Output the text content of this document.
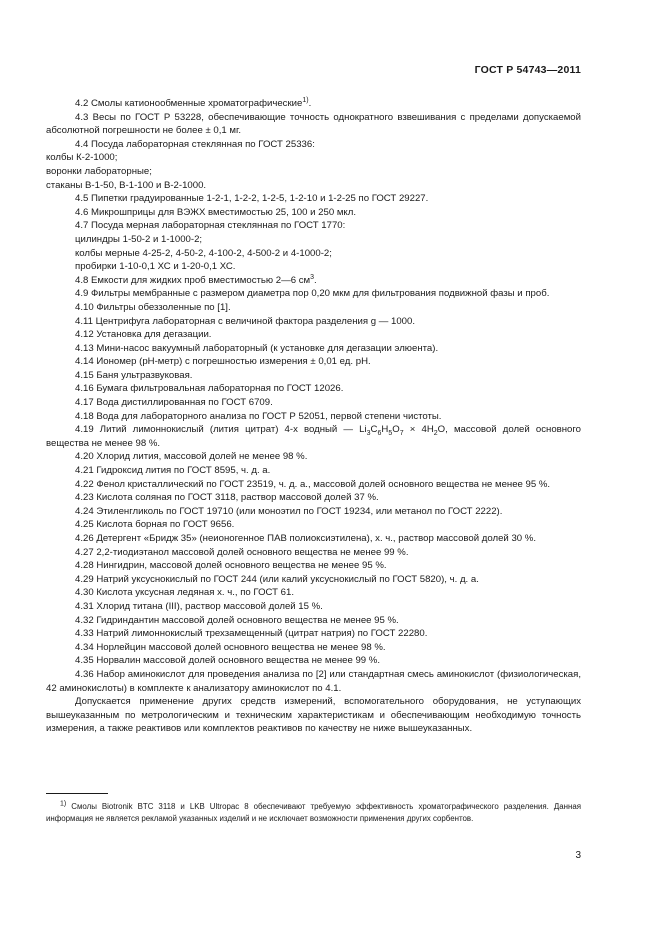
ГОСТ Р 54743—2011

4.2 Смолы катионообменные хроматографические$^{1)}$.

4.3 Весы по ГОСТ Р 53228, обеспечивающие точность однократного взвешивания с пределами допускаемой абсолютной погрешности не более ± 0,1 мг.

4.4 Посуда лабораторная стеклянная по ГОСТ 25336:

колбы К-2-1000;

воронки лабораторные;

стаканы В-1-50, В-1-100 и В-2-1000.

4.5 Пипетки градуированные 1-2-1, 1-2-2, 1-2-5, 1-2-10 и 1-2-25 по ГОСТ 29227.

4.6 Микрошприцы для ВЭЖХ вместимостью 25, 100 и 250 мкл.

4.7 Посуда мерная лабораторная стеклянная по ГОСТ 1770:

цилиндры 1-50-2 и 1-1000-2;

колбы мерные 4-25-2, 4-50-2, 4-100-2, 4-500-2 и 4-1000-2;

пробирки 1-10-0,1 ХС и 1-20-0,1 ХС.

4.8 Емкости для жидких проб вместимостью 2—6 $см^3$.

4.9 Фильтры мембранные с размером диаметра пор 0,20 мкм для фильтрования подвижной фазы и проб.

4.10 Фильтры обеззоленные по [1].

4.11 Центрифуга лабораторная с величиной фактора разделения g — 1000.

4.12 Установка для дегазации.

4.13 Мини-насос вакуумный лабораторный (к установке для дегазации элюента).

4.14 Иономер (рН-метр) с погрешностью измерения ± 0,01 ед. рН.

4.15 Баня ультразвуковая.

4.16 Бумага фильтровальная лабораторная по ГОСТ 12026.

4.17 Вода дистиллированная по ГОСТ 6709.

4.18 Вода для лабораторного анализа по ГОСТ Р 52051, первой степени чистоты.

4.19 Литий лимоннокислый (лития цитрат) 4-х водный — $Li_3C_6H_5O_7 \times 4H_2O$, массовой долей основного вещества не менее 98 %.

4.20 Хлорид лития, массовой долей не менее 98 %.

4.21 Гидроксид лития по ГОСТ 8595, ч. д. а.

4.22 Фенол кристаллический по ГОСТ 23519, ч. д. а., массовой долей основного вещества не менее 95 %.

4.23 Кислота соляная по ГОСТ 3118, раствор массовой долей 37 %.

4.24 Этиленгликоль по ГОСТ 19710 (или моноэтил по ГОСТ 19234, или метанол по ГОСТ 2222).

4.25 Кислота борная по ГОСТ 9656.

4.26 Детергент «Бридж 35» (неионогенное ПАВ полиоксиэтилена), х. ч., раствор массовой долей 30 %.

4.27 2,2-тиодиэтанол массовой долей основного вещества не менее 99 %.

4.28 Нингидрин, массовой долей основного вещества не менее 95 %.

4.29 Натрий уксуснокислый по ГОСТ 244 (или калий уксуснокислый по ГОСТ 5820), ч. д. а.

4.30 Кислота уксусная ледяная х. ч., по ГОСТ 61.

4.31 Хлорид титана (III), раствор массовой долей 15 %.

4.32 Гидриндантин массовой долей основного вещества не менее 95 %.

4.33 Натрий лимоннокислый трехзамещенный (цитрат натрия) по ГОСТ 22280.

4.34 Норлейцин массовой долей основного вещества не менее 98 %.

4.35 Норвалин массовой долей основного вещества не менее 99 %.

4.36 Набор аминокислот для проведения анализа по [2] или стандартная смесь аминокислот (физиологическая, 42 аминокислоты) в комплекте к анализатору аминокислот по 4.1.

Допускается применение других средств измерений, вспомогательного оборудования, не уступающих вышеуказанным по метрологическим и техническим характеристикам и обеспечивающим необходимую точность измерения, а также реактивов или комплектов реактивов по качеству не ниже вышеуказанных.

$^{1)}$ Смолы Biotronik BTC 3118 и LKB Ultropac 8 обеспечивают требуемую эффективность хроматографического разделения. Данная информация не является рекламой указанных изделий и не исключает возможности применения других сорбентов.

3
